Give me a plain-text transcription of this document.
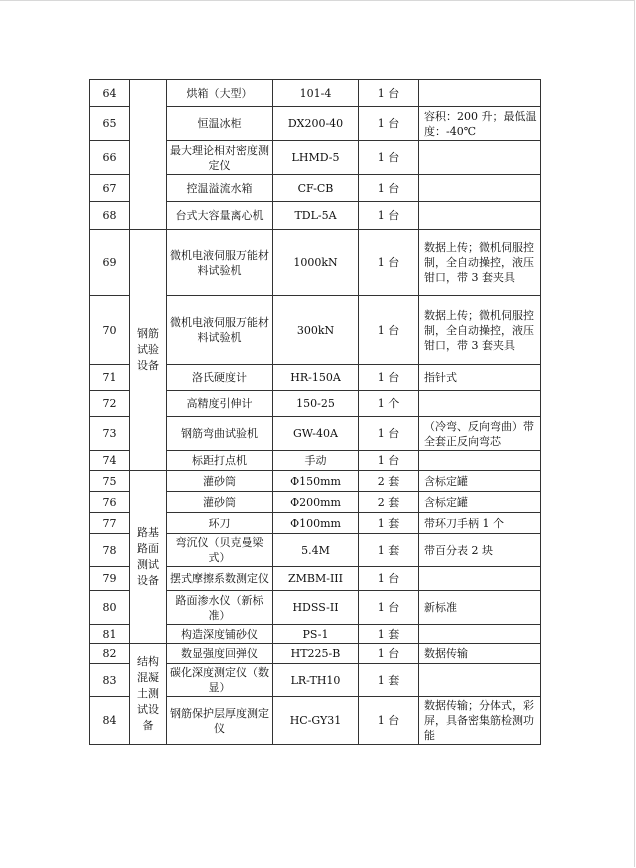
64		烘箱（大型）	101-4	1 台	
65		恒温冰柜	DX200-40	1 台	容积：200 升；最低温度：-40℃
66		最大理论相对密度测定仪	LHMD-5	1 台	
67		控温溢流水箱	CF-CB	1 台	
68		台式大容量离心机	TDL-5A	1 台	
69	钢筋试验设备	微机电液伺服万能材料试验机	1000kN	1 台	数据上传；微机伺服控制，全自动操控，液压钳口，带 3 套夹具
70		微机电液伺服万能材料试验机	300kN	1 台	数据上传；微机伺服控制，全自动操控，液压钳口，带 3 套夹具
71		洛氏硬度计	HR-150A	1 台	指针式
72		高精度引伸计	150-25	1 个	
73		钢筋弯曲试验机	GW-40A	1 台	（冷弯、反向弯曲）带全套正反向弯芯
74		标距打点机	手动	1 台	
75	路基路面测试设备	灌砂筒	Φ150mm	2 套	含标定罐
76		灌砂筒	Φ200mm	2 套	含标定罐
77		环刀	Φ100mm	1 套	带环刀手柄 1 个
78		弯沉仪（贝克曼梁式）	5.4M	1 套	带百分表 2 块
79		摆式摩擦系数测定仪	ZMBM-III	1 台	
80		路面渗水仪（新标准）	HDSS-II	1 台	新标准
81		构造深度铺砂仪	PS-1	1 套	
82	结构混凝土测试设备	数显强度回弹仪	HT225-B	1 台	数据传输
83		碳化深度测定仪（数显）	LR-TH10	1 套	
84		钢筋保护层厚度测定仪	HC-GY31	1 台	数据传输；分体式，彩屏，具备密集筋检测功能
